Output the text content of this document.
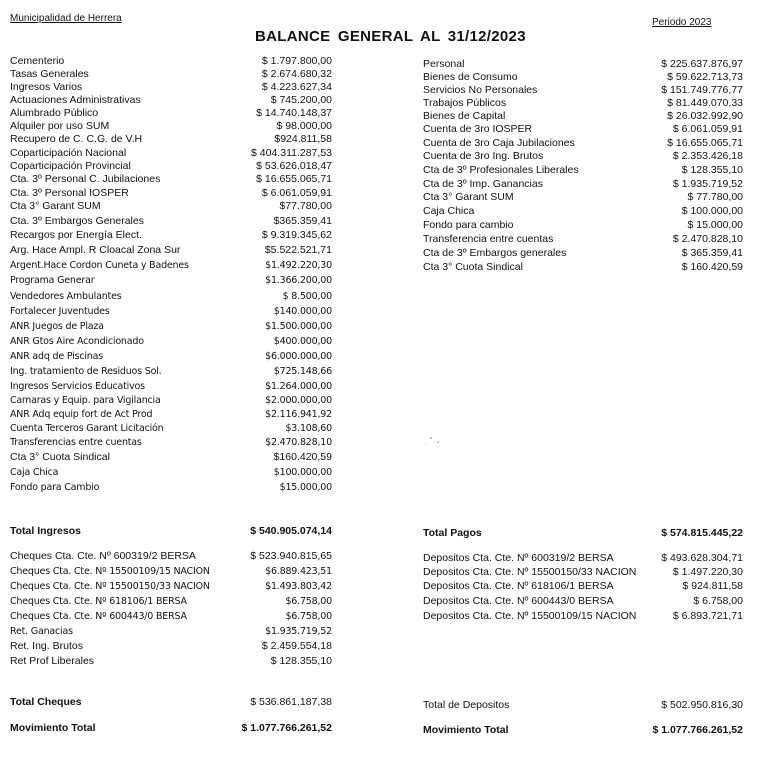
Municipalidad de Herrera	Periodo 2023
BALANCE GENERAL AL 31/12/2023
Cementerio	$ 1.797.800,00
Tasas Generales	$ 2.674.680,32
Ingresos Varios	$ 4.223.627,34
Actuaciones Administrativas	$ 745.200,00
Alumbrado Público	$ 14.740.148,37
Alquiler por uso SUM	$ 98.000,00
Recupero de C. C.G. de V.H	$924.811,58
Coparticipación Nacional	$ 404.311.287,53
Coparticipación Provincial	$ 53.626.018,47
Cta. 3º Personal C. Jubilaciones	$ 16.655.065,71
Cta. 3º Personal IOSPER	$ 6.061.059,91
Cta 3° Garant SUM	$77.780,00
Cta. 3º Embargos Generales	$365.359,41
Recargos por Energía Elect.	$ 9.319.345,62
Arg. Hace Ampl. R Cloacal Zona Sur	$5.522.521,71
Argent.Hace Cordon Cuneta y Badenes	$1.492.220,30
Programa Generar	$1.366.200,00
Vendedores Ambulantes	$ 8.500,00
Fortalecer Juventudes	$140.000,00
ANR Juegos de Plaza	$1.500.000,00
ANR Gtos Aire Acondicionado	$400.000,00
ANR adq de Piscinas	$6.000.000,00
Ing. tratamiento de Residuos Sol.	$725.148,66
Ingresos Servicios Educativos	$1.264.000,00
Camaras y Equip. para Vigilancia	$2.000.000,00
ANR Adq equip fort de Act Prod	$2.116.941,92
Cuenta Terceros Garant Licitación	$3.108,60
Transferencias entre cuentas	$2.470.828,10
Cta 3° Cuota Sindical	$160.420,59
Caja Chica	$100.000,00
Fondo para Cambio	$15.000,00
Total Ingresos	$ 540.905.074,14
Personal	$ 225.637.876,97
Bienes de Consumo	$ 59.622.713,73
Servicios No Personales	$ 151.749.776,77
Trabajos Públicos	$ 81.449.070,33
Bienes de Capital	$ 26.032.992,90
Cuenta de 3ro IOSPER	$ 6.061.059,91
Cuenta de 3ro Caja Jubilaciones	$ 16.655.065,71
Cuenta de 3ro Ing. Brutos	$ 2.353.426,18
Cta de 3º Profesionales Liberales	$ 128.355,10
Cta de 3º Imp. Ganancias	$ 1.935.719,52
Cta 3° Garant SUM	$ 77.780,00
Caja Chica	$ 100.000,00
Fondo para cambio	$ 15.000,00
Transferencia entre cuentas	$ 2.470.828,10
Cta de 3º Embargos generales	$ 365.359,41
Cta 3° Cuota Sindical	$ 160.420,59
Total Pagos	$ 574.815.445,22
Cheques Cta. Cte. Nº 600319/2 BERSA	$ 523.940.815,65
Cheques Cta. Cte. Nº 15500109/15 NACION	$6.889.423,51
Cheques Cta. Cte. Nº 15500150/33 NACION	$1.493.803,42
Cheques Cta. Cte. Nº 618106/1 BERSA	$6.758,00
Cheques Cta. Cte. Nº 600443/0 BERSA	$6.758,00
Ret. Ganacias	$1.935.719,52
Ret. Ing. Brutos	$ 2.459.554,18
Ret Prof Liberales	$ 128.355,10
Total Cheques	$ 536.861.187,38
Movimiento Total	$ 1.077.766.261,52
Depositos Cta. Cte. Nº 600319/2 BERSA	$ 493.628.304,71
Depositos Cta. Cte. Nº 15500150/33 NACION	$ 1.497.220,30
Depositos Cta. Cte. Nº 618106/1 BERSA	$ 924.811,58
Depositos Cta. Cte. Nº 600443/0 BERSA	$ 6.758,00
Depositos Cta. Cte. Nº 15500109/15 NACION	$ 6.893.721,71
Total de Depositos	$ 502.950.816,30
Movimiento Total	$ 1.077.766.261,52
